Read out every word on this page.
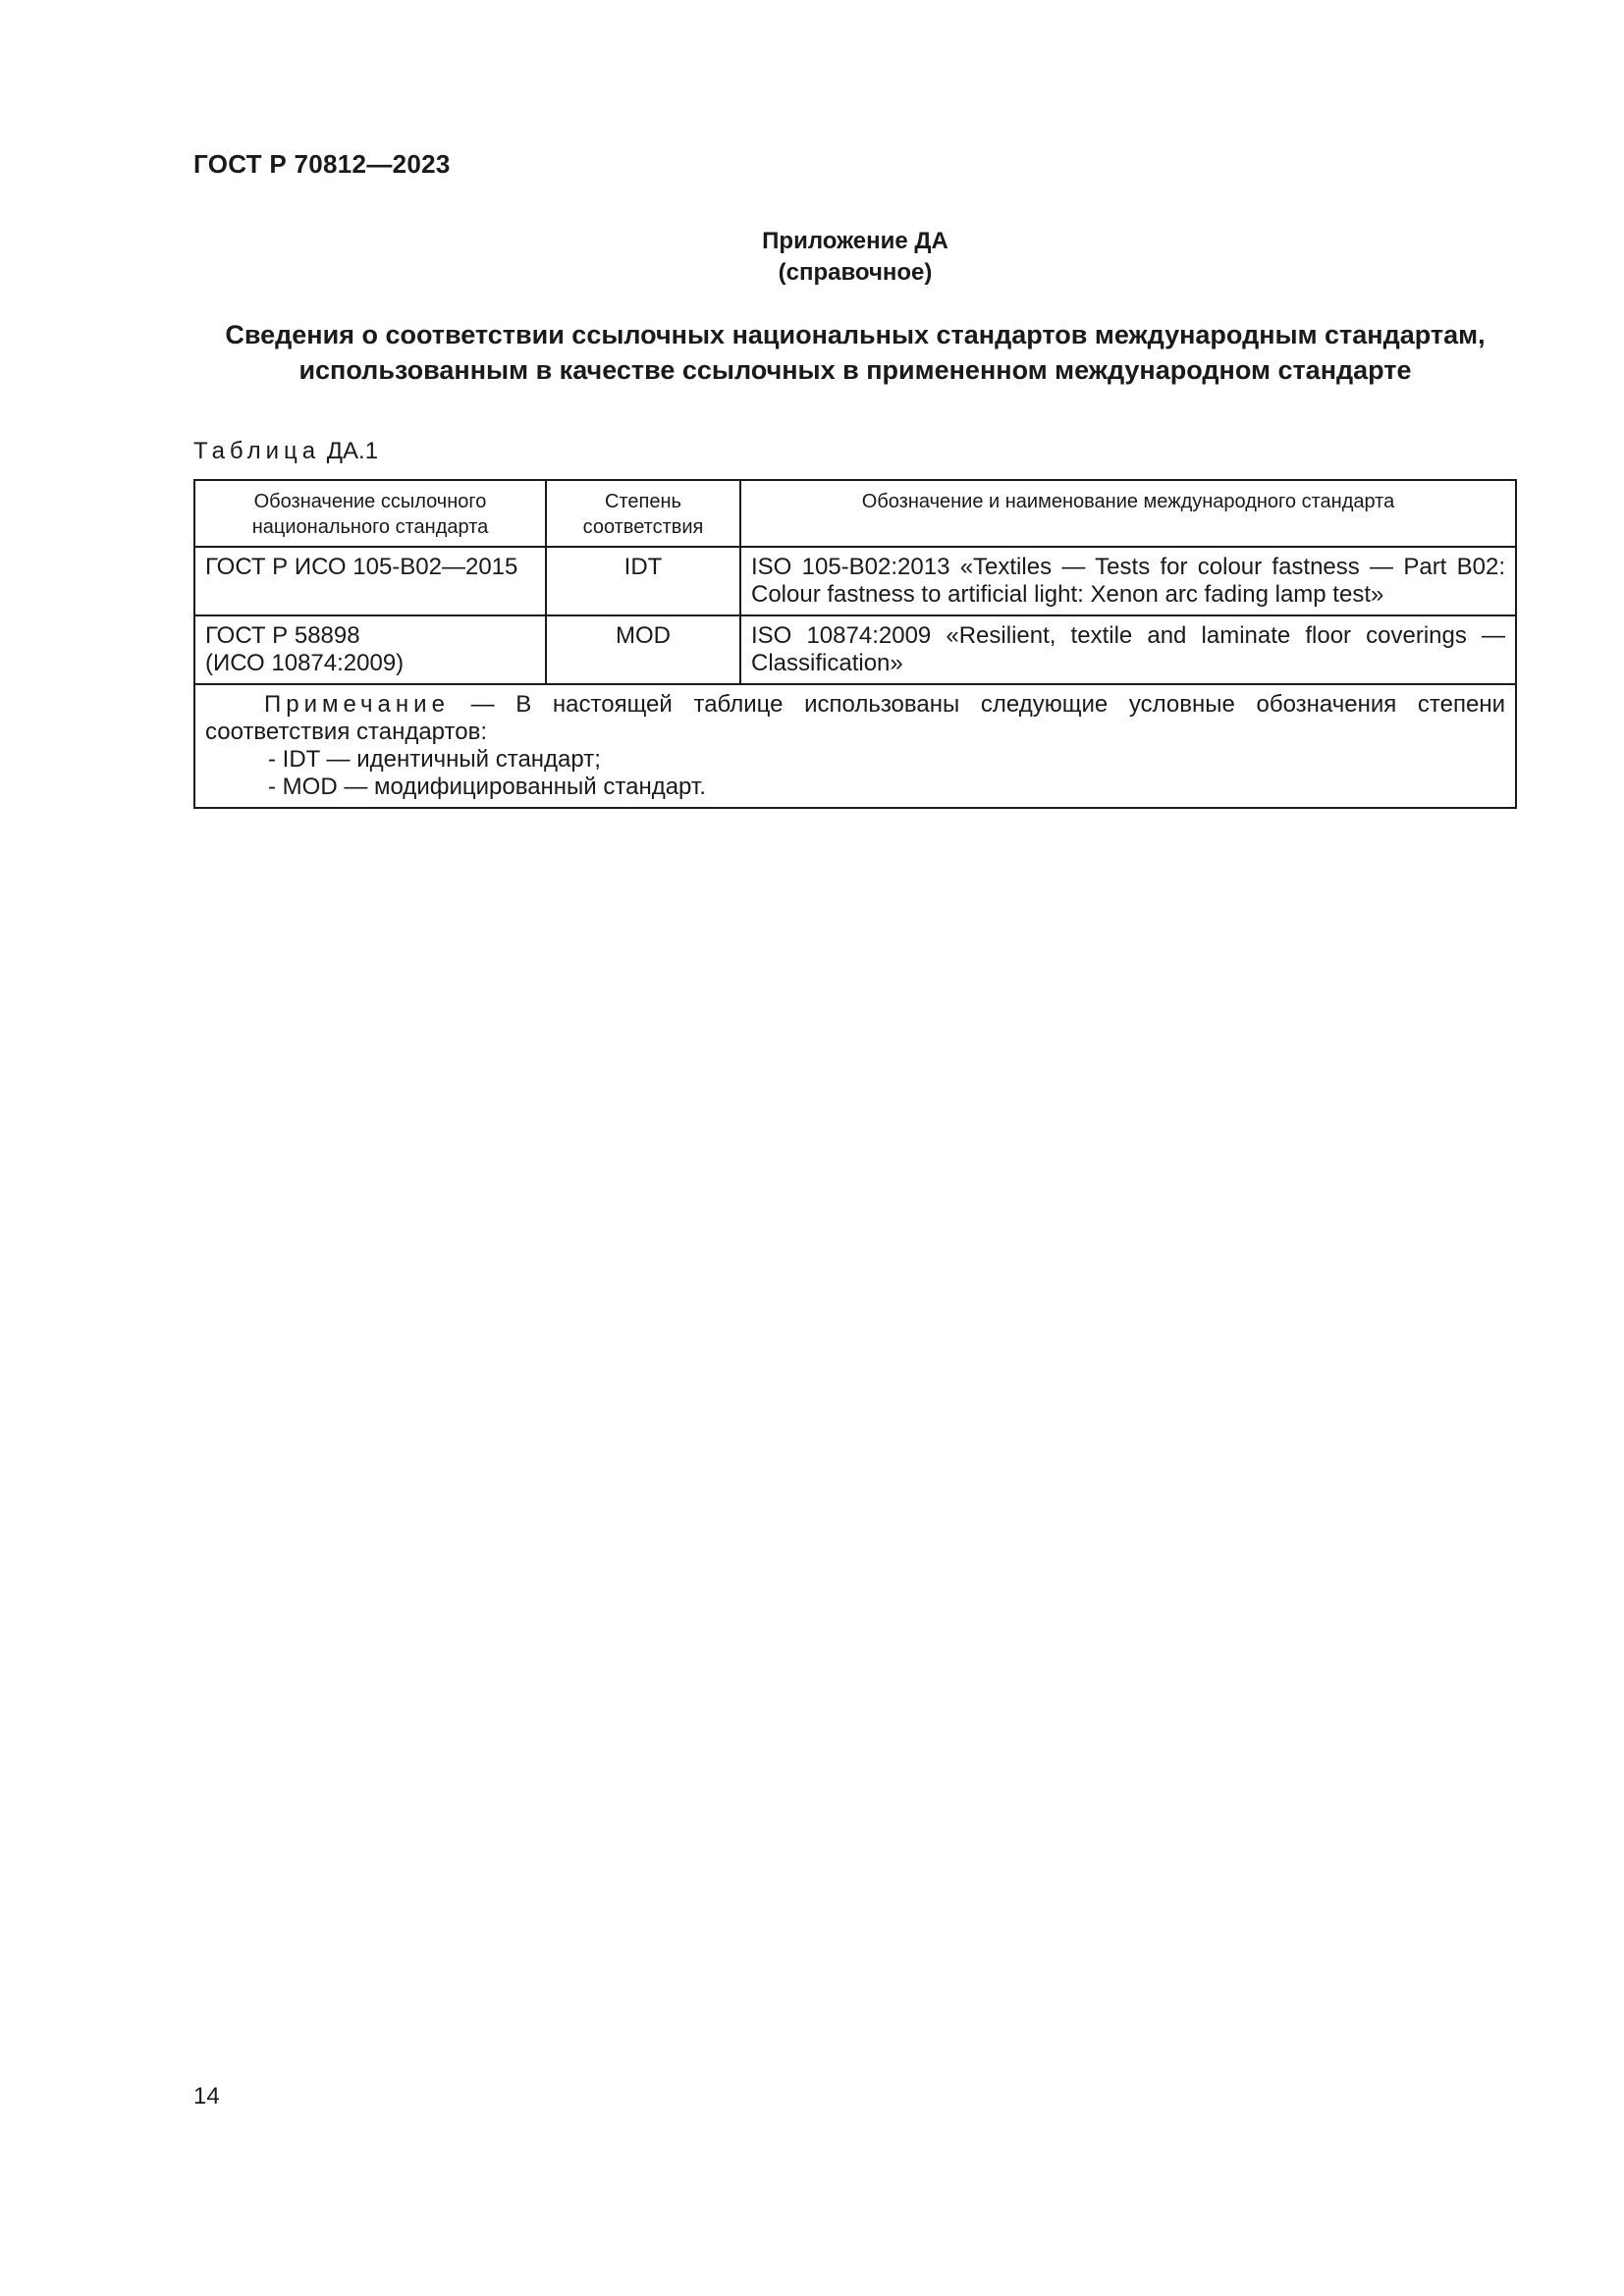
ГОСТ Р 70812—2023
Приложение ДА
(справочное)
Сведения о соответствии ссылочных национальных стандартов международным стандартам,
использованным в качестве ссылочных в примененном международном стандарте
Таблица ДА.1
Обозначение ссылочного национального стандарта	Степень соответствия	Обозначение и наименование международного стандарта
ГОСТ Р ИСО 105-В02—2015	IDT	ISO 105-B02:2013 «Textiles — Tests for colour fastness — Part B02: Colour fastness to artificial light: Xenon arc fading lamp test»

ГОСТ Р 58898
(ИСО 10874:2009)	MOD	ISO 10874:2009 «Resilient, textile and laminate floor coverings — Classification»

Примечание — В настоящей таблице использованы следующие условные обозначения степени соответствия стандартов:
- IDT — идентичный стандарт;
- MOD — модифицированный стандарт.		
14
